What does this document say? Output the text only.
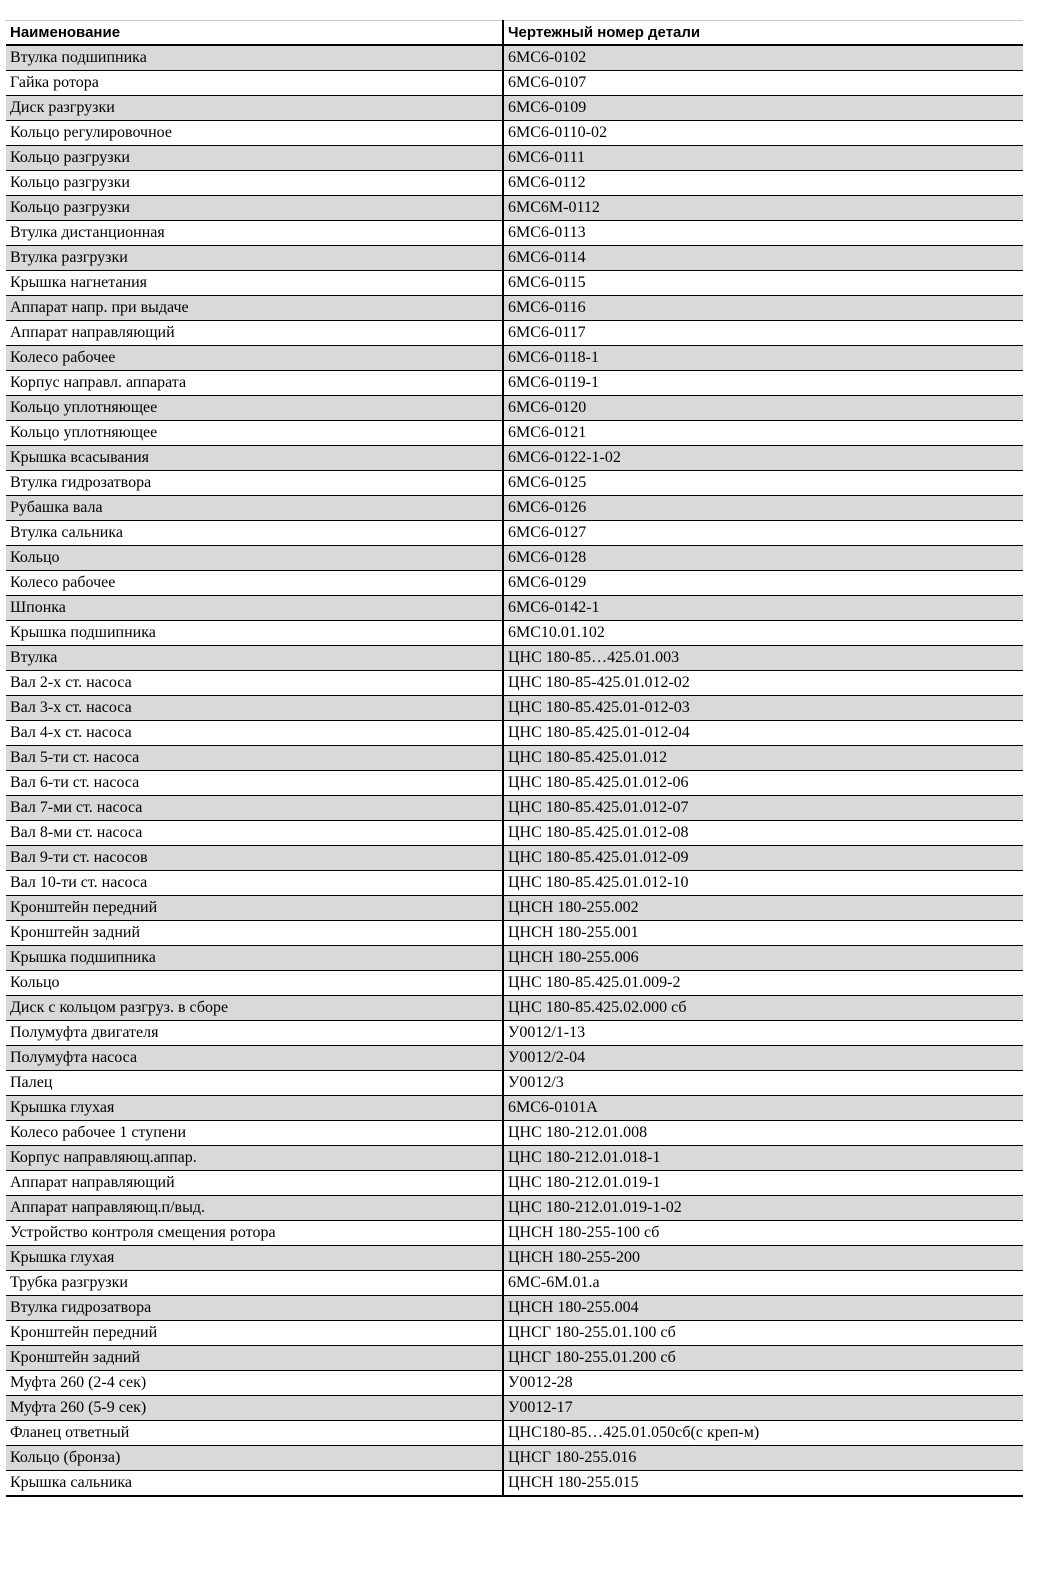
Наименование	Чертежный номер детали
Втулка подшипника	6МС6-0102
Гайка ротора	6МС6-0107
Диск разгрузки	6МС6-0109
Кольцо регулировочное	6МС6-0110-02
Кольцо разгрузки	6МС6-0111
Кольцо разгрузки	6МС6-0112
Кольцо разгрузки	6МС6М-0112
Втулка дистанционная	6МС6-0113
Втулка разгрузки	6МС6-0114
Крышка нагнетания	6МС6-0115
Аппарат напр. при выдаче	6МС6-0116
Аппарат направляющий	6МС6-0117
Колесо рабочее	6МС6-0118-1
Корпус направл. аппарата	6МС6-0119-1
Кольцо уплотняющее	6МС6-0120
Кольцо уплотняющее	6МС6-0121
Крышка всасывания	6МС6-0122-1-02
Втулка гидрозатвора	6МС6-0125
Рубашка вала	6МС6-0126
Втулка сальника	6МС6-0127
Кольцо	6МС6-0128
Колесо рабочее	6МС6-0129
Шпонка	6МС6-0142-1
Крышка подшипника	6МС10.01.102
Втулка	ЦНС 180-85…425.01.003
Вал 2-х ст. насоса	ЦНС 180-85-425.01.012-02
Вал 3-х ст. насоса	ЦНС 180-85.425.01-012-03
Вал 4-х ст. насоса	ЦНС 180-85.425.01-012-04
Вал 5-ти ст. насоса	ЦНС 180-85.425.01.012
Вал 6-ти ст. насоса	ЦНС 180-85.425.01.012-06
Вал 7-ми ст. насоса	ЦНС 180-85.425.01.012-07
Вал 8-ми ст. насоса	ЦНС 180-85.425.01.012-08
Вал 9-ти ст. насосов	ЦНС 180-85.425.01.012-09
Вал 10-ти ст. насоса	ЦНС 180-85.425.01.012-10
Кронштейн передний	ЦНСН 180-255.002
Кронштейн задний	ЦНСН 180-255.001
Крышка подшипника	ЦНСН 180-255.006
Кольцо	ЦНС 180-85.425.01.009-2
Диск с кольцом разгруз. в сборе	ЦНС 180-85.425.02.000 сб
Полумуфта двигателя	У0012/1-13
Полумуфта насоса	У0012/2-04
Палец	У0012/3
Крышка глухая	6МС6-0101А
Колесо рабочее 1 ступени	ЦНС 180-212.01.008
Корпус направляющ.аппар.	ЦНС 180-212.01.018-1
Аппарат направляющий	ЦНС 180-212.01.019-1
Аппарат направляющ.п/выд.	ЦНС 180-212.01.019-1-02
Устройство контроля смещения ротора	ЦНСН 180-255-100 сб
Крышка глухая	ЦНСН 180-255-200
Трубка разгрузки	6МС-6М.01.а
Втулка гидрозатвора	ЦНСН 180-255.004
Кронштейн передний	ЦНСГ 180-255.01.100 сб
Кронштейн задний	ЦНСГ 180-255.01.200 сб
Муфта 260 (2-4 сек)	У0012-28
Муфта 260 (5-9 сек)	У0012-17
Фланец ответный	ЦНС180-85…425.01.050сб(с креп-м)
Кольцо (бронза)	ЦНСГ 180-255.016
Крышка сальника	ЦНСН 180-255.015
